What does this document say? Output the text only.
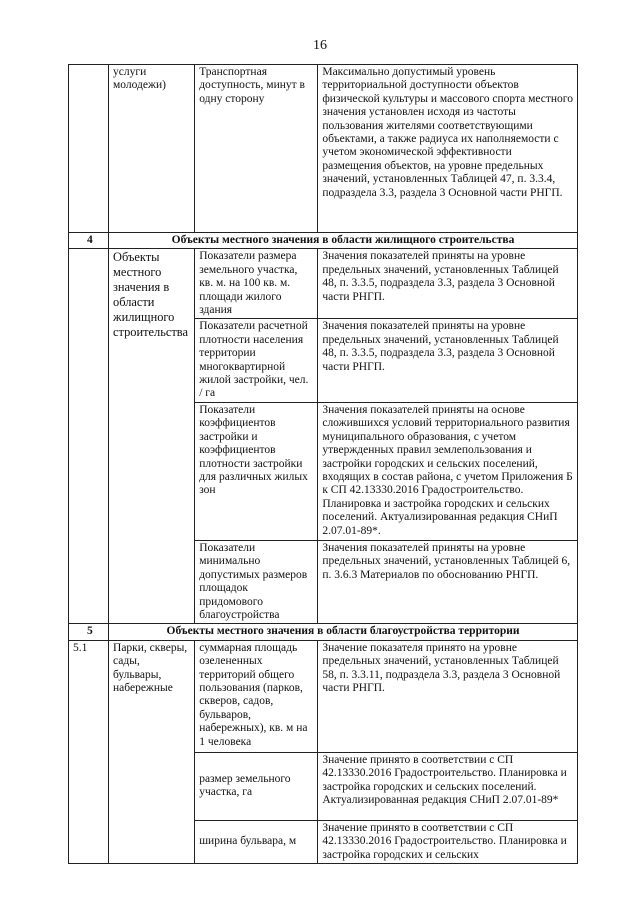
16
	услуги молодежи)	Транспортная доступность, минут в одну сторону	Максимально допустимый уровень территориальной доступности объектов физической культуры и массового спорта местного значения установлен исходя из частоты пользования жителями соответствующими объектами, а также радиуса их наполняемости с учетом экономической эффективности размещения объектов, на уровне предельных значений, установленных Таблицей 47, п. 3.3.4, подраздела 3.3, раздела 3 Основной части РНГП.
4	Объекты местного значения в области жилищного строительства		
	Объекты местного значения в области жилищного строительства	Показатели размера земельного участка, кв. м. на 100 кв. м. площади жилого здания	Значения показателей приняты на уровне предельных значений, установленных Таблицей 48, п. 3.3.5, подраздела 3.3, раздела 3 Основной части РНГП.
		Показатели расчетной плотности населения территории многоквартирной жилой застройки, чел. / га	Значения показателей приняты на уровне предельных значений, установленных Таблицей 48, п. 3.3.5, подраздела 3.3, раздела 3 Основной части РНГП.
		Показатели коэффициентов застройки и коэффициентов плотности застройки для различных жилых зон	Значения показателей приняты на основе сложившихся условий территориального развития муниципального образования, с учетом утвержденных правил землепользования и застройки городских и сельских поселений, входящих в состав района, с учетом Приложения Б к СП 42.13330.2016 Градостроительство. Планировка и застройка городских и сельских поселений. Актуализированная редакция СНиП 2.07.01-89*.
		Показатели минимально допустимых размеров площадок придомового благоустройства	Значения показателей приняты на уровне предельных значений, установленных Таблицей 6, п. 3.6.3 Материалов по обоснованию РНГП.
5	Объекты местного значения в области благоустройства территории		
5.1	Парки, скверы, сады, бульвары, набережные	суммарная площадь озелененных территорий общего пользования (парков, скверов, садов, бульваров, набережных), кв. м на 1 человека	Значение показателя принято на уровне предельных значений, установленных Таблицей 58, п. 3.3.11, подраздела 3.3, раздела 3 Основной части РНГП.
		размер земельного участка, га	Значение принято в соответствии с СП 42.13330.2016 Градостроительство. Планировка и застройка городских и сельских поселений. Актуализированная редакция СНиП 2.07.01-89*
		ширина бульвара, м	Значение принято в соответствии с СП 42.13330.2016 Градостроительство. Планировка и застройка городских и сельских
